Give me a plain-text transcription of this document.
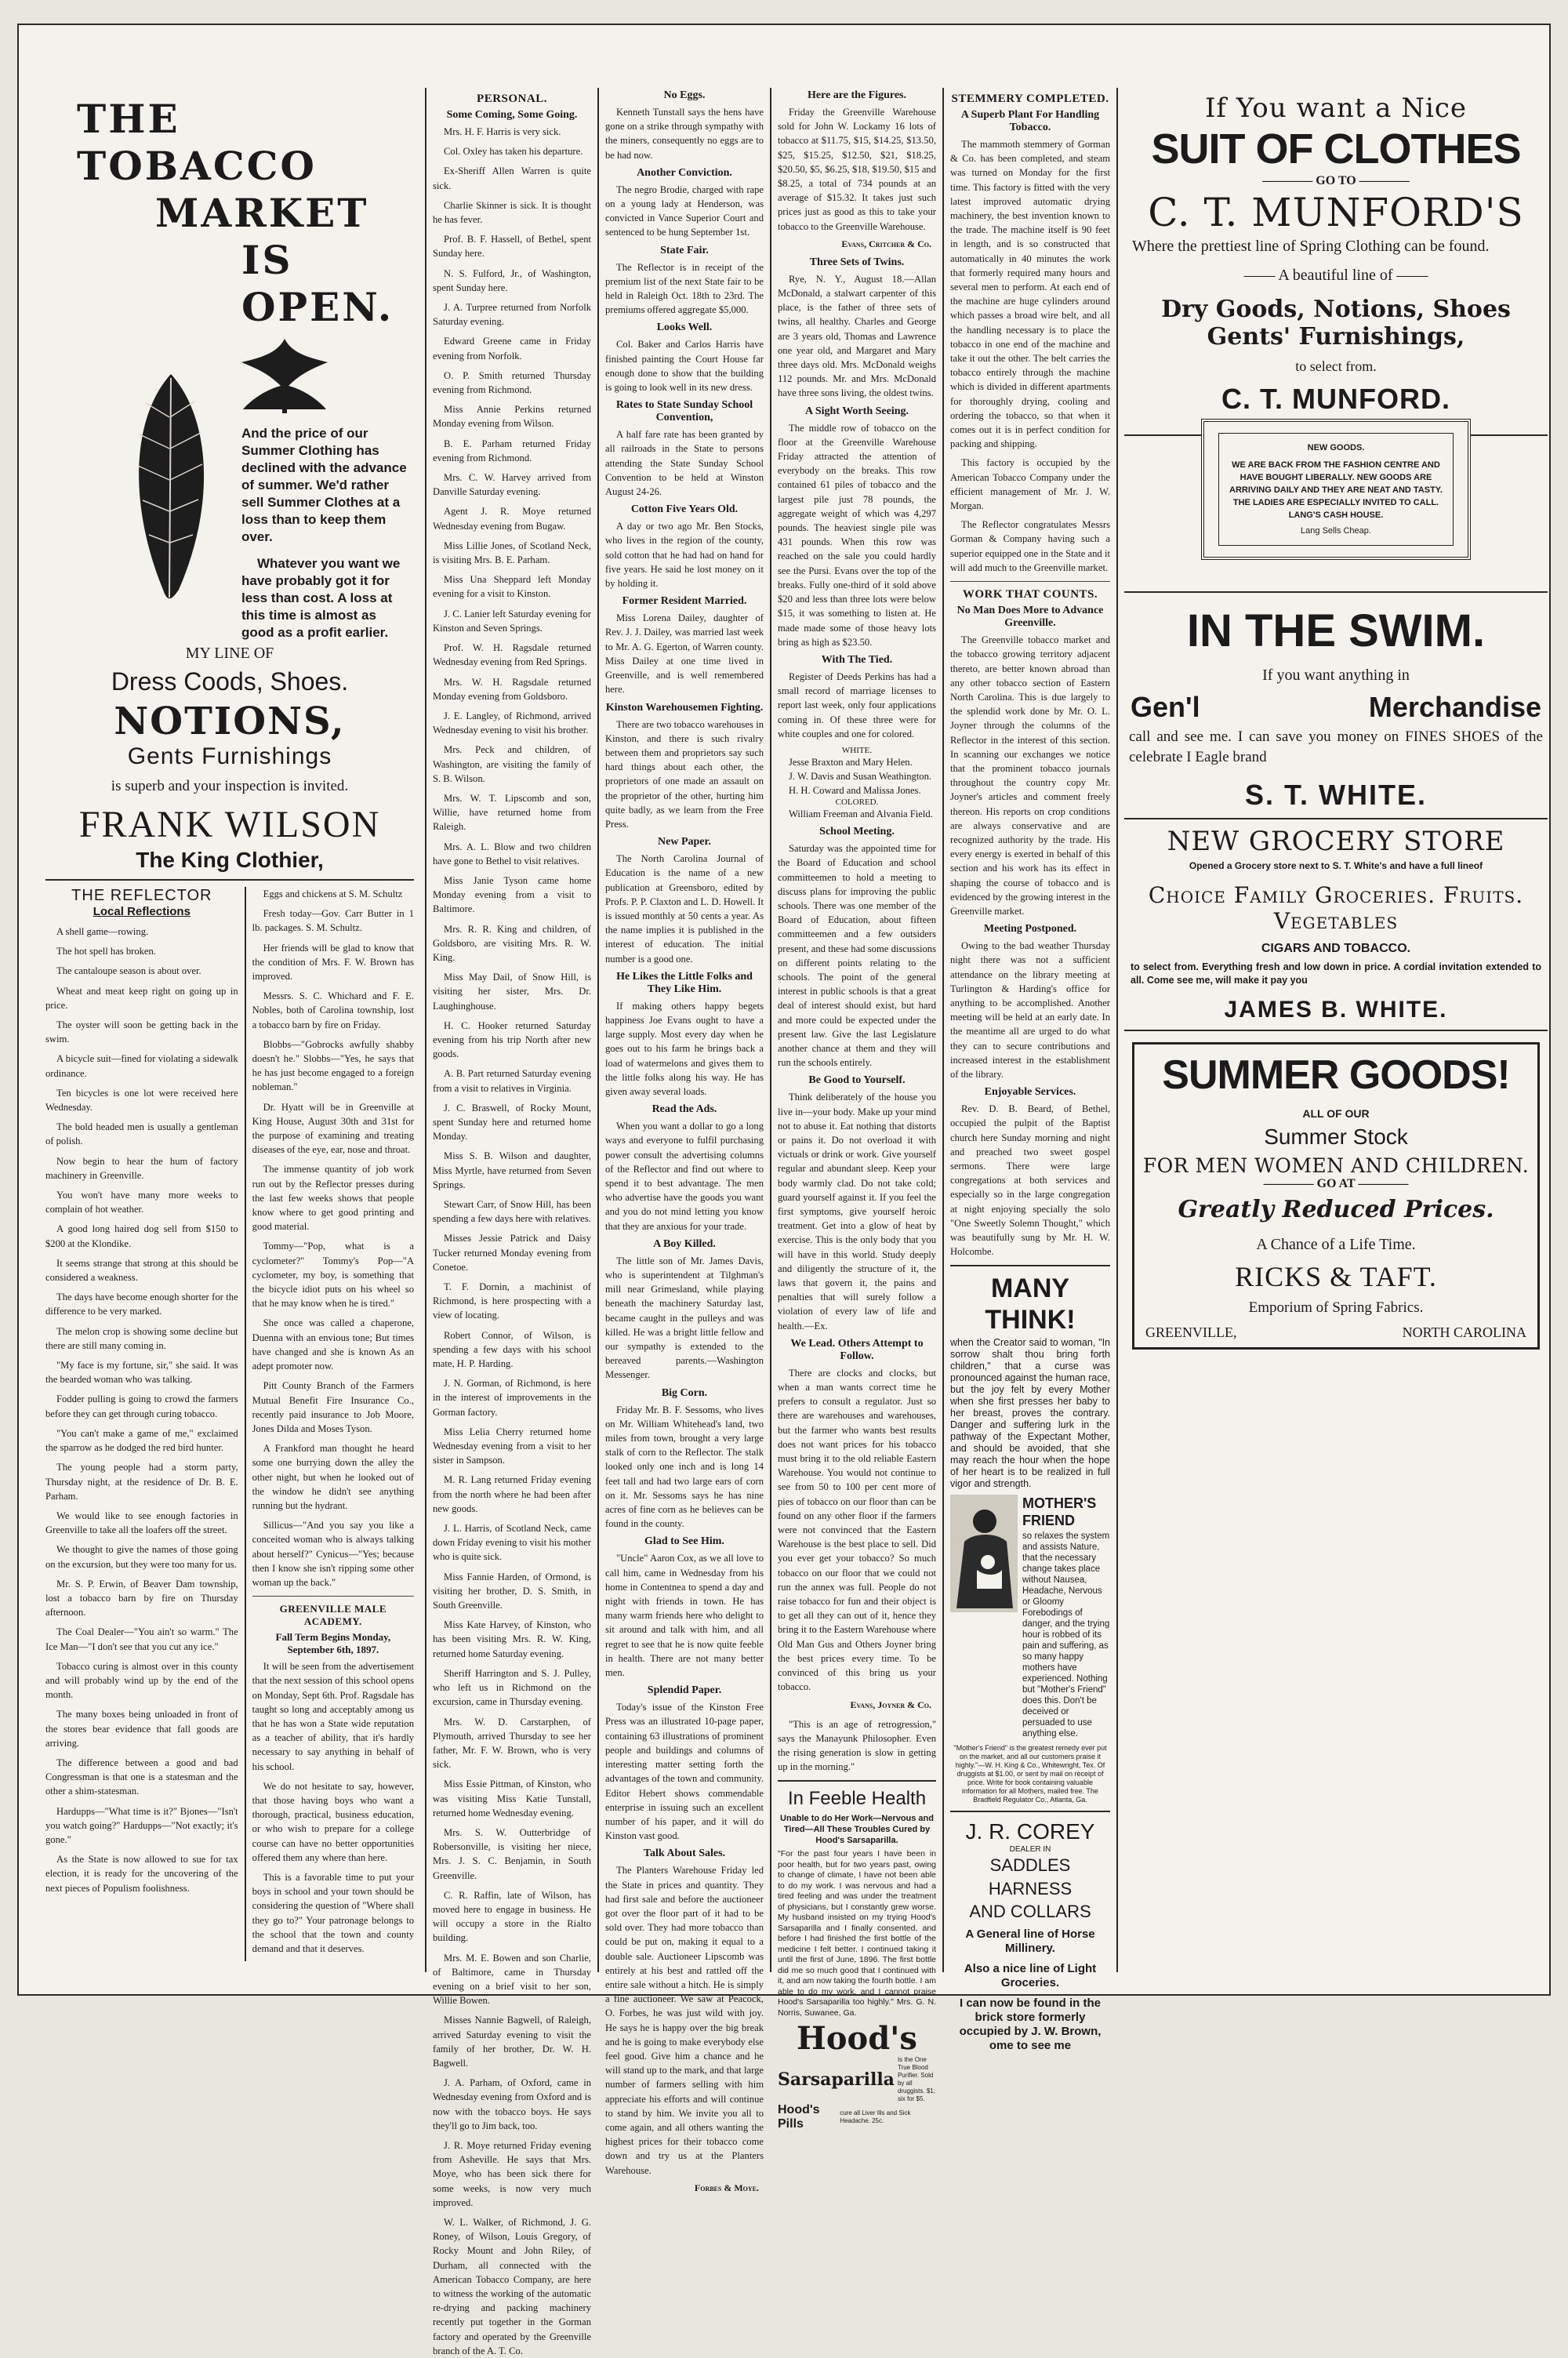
THE TOBACCO
MARKET
IS OPEN.
And the price of our Summer Clothing has declined with the advance of summer. We'd rather sell Summer Clothes at a loss than to keep them over.
Whatever you want we have probably got it for less than cost. A loss at this time is almost as good as a profit earlier.
MY LINE OF
Dress Coods, Shoes.
NOTIONS,
Gents Furnishings
is superb and your inspection is invited.
FRANK WILSON
The King Clothier,
THE REFLECTOR
Local Reflections

A shell game—rowing.

The hot spell has broken.

The cantaloupe season is about over.

Wheat and meat keep right on going up in price.

The oyster will soon be getting back in the swim.

A bicycle suit—fined for violating a sidewalk ordinance.

Ten bicycles is one lot were received here Wednesday.

The bold headed men is usually a gentleman of polish.

Now begin to hear the hum of factory machinery in Greenville.

You won't have many more weeks to complain of hot weather.

A good long haired dog sell from $150 to $200 at the Klondike.

It seems strange that strong at this should be considered a weakness.

The days have become enough shorter for the difference to be very marked.

The melon crop is showing some decline but there are still many coming in.

"My face is my fortune, sir," she said. It was the bearded woman who was talking.

Fodder pulling is going to crowd the farmers before they can get through curing tobacco.

"You can't make a game of me," exclaimed the sparrow as he dodged the red bird hunter.

The young people had a storm party, Thursday night, at the residence of Dr. B. E. Parham.

We would like to see enough factories in Greenville to take all the loafers off the street.

We thought to give the names of those going on the excursion, but they were too many for us.

Mr. S. P. Erwin, of Beaver Dam township, lost a tobacco barn by fire on Thursday afternoon.

The Coal Dealer—"You ain't so warm." The Ice Man—"I don't see that you cut any ice."

Tobacco curing is almost over in this county and will probably wind up by the end of the month.

The many boxes being unloaded in front of the stores bear evidence that fall goods are arriving.

The difference between a good and bad Congressman is that one is a statesman and the other a shim-statesman.

Hardupps—"What time is it?" Bjones—"Isn't you watch going?" Hardupps—"Not exactly; it's gone."

As the State is now allowed to sue for tax election, it is ready for the uncovering of the next pieces of Populism foolishness.

Eggs and chickens at S. M. Schultz

Fresh today—Gov. Carr Butter in 1 lb. packages. S. M. Schultz.

Her friends will be glad to know that the condition of Mrs. F. W. Brown has improved.

Messrs. S. C. Whichard and F. E. Nobles, both of Carolina township, lost a tobacco barn by fire on Friday.

Blobbs—"Gobrocks awfully shabby doesn't he." Slobbs—"Yes, he says that he has just become engaged to a foreign nobleman."

Dr. Hyatt will be in Greenville at King House, August 30th and 31st for the purpose of examining and treating diseases of the eye, ear, nose and throat.

The immense quantity of job work run out by the Reflector presses during the last few weeks shows that people know where to get good printing and good material.

Tommy—"Pop, what is a cyclometer?" Tommy's Pop—"A cyclometer, my boy, is something that the bicycle idiot puts on his wheel so that he may know when he is tired."

She once was called a chaperone, Duenna with an envious tone; But times have changed and she is known As an adept promoter now.

Pitt County Branch of the Farmers Mutual Benefit Fire Insurance Co., recently paid insurance to Job Moore, Jones Dilda and Moses Tyson.

A Frankford man thought he heard some one burrying down the alley the other night, but when he looked out of the window he didn't see anything running but the hydrant.

Sillicus—"And you say you like a conceited woman who is always talking about herself?" Cynicus—"Yes; because then I know she isn't ripping some other woman up the back."

GREENVILLE MALE ACADEMY.
Fall Term Begins Monday, September 6th, 1897.

It will be seen from the advertisement that the next session of this school opens on Monday, Sept 6th. Prof. Ragsdale has taught so long and acceptably among us that he has won a State wide reputation as a teacher of ability, that it's hardly necessary to say anything in behalf of his school.

We do not hesitate to say, however, that those having boys who want a thorough, practical, business education, or who wish to prepare for a college course can have no better opportunities offered them any where than here.

This is a favorable time to put your boys in school and your town should be considering the question of "Where shall they go to?" Your patronage belongs to the school that the town and county demand and that it deserves.

PERSONAL.
Some Coming, Some Going.

Mrs. H. F. Harris is very sick.

Col. Oxley has taken his departure.

Ex-Sheriff Allen Warren is quite sick.

Charlie Skinner is sick. It is thought he has fever.

Prof. B. F. Hassell, of Bethel, spent Sunday here.

N. S. Fulford, Jr., of Washington, spent Sunday here.

J. A. Turpree returned from Norfolk Saturday evening.

Edward Greene came in Friday evening from Norfolk.

O. P. Smith returned Thursday evening from Richmond.

Miss Annie Perkins returned Monday evening from Wilson.

B. E. Parham returned Friday evening from Richmond.

Mrs. C. W. Harvey arrived from Danville Saturday evening.

Agent J. R. Moye returned Wednesday evening from Bugaw.

Miss Lillie Jones, of Scotland Neck, is visiting Mrs. B. E. Parham.

Miss Una Sheppard left Monday evening for a visit to Kinston.

J. C. Lanier left Saturday evening for Kinston and Seven Springs.

Prof. W. H. Ragsdale returned Wednesday evening from Red Springs.

Mrs. W. H. Ragsdale returned Monday evening from Goldsboro.

J. E. Langley, of Richmond, arrived Wednesday evening to visit his brother.

Mrs. Peck and children, of Washington, are visiting the family of S. B. Wilson.

Mrs. W. T. Lipscomb and son, Willie, have returned home from Raleigh.

Mrs. A. L. Blow and two children have gone to Bethel to visit relatives.

Miss Janie Tyson came home Monday evening from a visit to Baltimore.

Mrs. R. R. King and children, of Goldsboro, are visiting Mrs. R. W. King.

Miss May Dail, of Snow Hill, is visiting her sister, Mrs. Dr. Laughinghouse.

H. C. Hooker returned Saturday evening from his trip North after new goods.

A. B. Part returned Saturday evening from a visit to relatives in Virginia.

J. C. Braswell, of Rocky Mount, spent Sunday here and returned home Monday.

Miss S. B. Wilson and daughter, Miss Myrtle, have returned from Seven Springs.

Stewart Carr, of Snow Hill, has been spending a few days here with relatives.

Misses Jessie Patrick and Daisy Tucker returned Monday evening from Conetoe.

T. F. Dornin, a machinist of Richmond, is here prospecting with a view of locating.

Robert Connor, of Wilson, is spending a few days with his school mate, H. P. Harding.

J. N. Gorman, of Richmond, is here in the interest of improvements in the Gorman factory.

Miss Lelia Cherry returned home Wednesday evening from a visit to her sister in Sampson.

M. R. Lang returned Friday evening from the north where he had been after new goods.

J. L. Harris, of Scotland Neck, came down Friday evening to visit his mother who is quite sick.

Miss Fannie Harden, of Ormond, is visiting her brother, D. S. Smith, in South Greenville.

Miss Kate Harvey, of Kinston, who has been visiting Mrs. R. W. King, returned home Saturday evening.

Sheriff Harrington and S. J. Pulley, who left us in Richmond on the excursion, came in Thursday evening.

Mrs. W. D. Carstarphen, of Plymouth, arrived Thursday to see her father, Mr. F. W. Brown, who is very sick.

Miss Essie Pittman, of Kinston, who was visiting Miss Katie Tunstall, returned home Wednesday evening.

Mrs. S. W. Outterbridge of Robersonville, is visiting her niece, Mrs. J. S. C. Benjamin, in South Greenville.

C. R. Raffin, late of Wilson, has moved here to engage in business. He will occupy a store in the Rialto building.

Mrs. M. E. Bowen and son Charlie, of Baltimore, came in Thursday evening on a brief visit to her son, Willie Bowen.

Misses Nannie Bagwell, of Raleigh, arrived Saturday evening to visit the family of her brother, Dr. W. H. Bagwell.

J. A. Parham, of Oxford, came in Wednesday evening from Oxford and is now with the tobacco boys. He says they'll go to Jim back, too.

J. R. Moye returned Friday evening from Asheville. He says that Mrs. Moye, who has been sick there for some weeks, is now very much improved.

W. L. Walker, of Richmond, J. G. Roney, of Wilson, Louis Gregory, of Rocky Mount and John Riley, of Durham, all connected with the American Tobacco Company, are here to witness the working of the automatic re-drying and packing machinery recently put together in the Gorman factory and operated by the Greenville branch of the A. T. Co.

No Eggs.

Kenneth Tunstall says the hens have gone on a strike through sympathy with the miners, consequently no eggs are to be had now.

Another Conviction.

The negro Brodie, charged with rape on a young lady at Henderson, was convicted in Vance Superior Court and sentenced to be hung September 1st.

State Fair.

The Reflector is in receipt of the premium list of the next State fair to be held in Raleigh Oct. 18th to 23rd. The premiums offered aggregate $5,000.

Looks Well.

Col. Baker and Carlos Harris have finished painting the Court House far enough done to show that the building is going to look well in its new dress.

Rates to State Sunday School Convention,

A half fare rate has been granted by all railroads in the State to persons attending the State Sunday School Convention to be held at Winston August 24-26.

Cotton Five Years Old.

A day or two ago Mr. Ben Stocks, who lives in the region of the county, sold cotton that he had had on hand for five years. He said he lost money on it by holding it.

Former Resident Married.

Miss Lorena Dailey, daughter of Rev. J. J. Dailey, was married last week to Mr. A. G. Egerton, of Warren county. Miss Dailey at one time lived in Greenville, and is well remembered here.

Kinston Warehousemen Fighting.

There are two tobacco warehouses in Kinston, and there is such rivalry between them and proprietors say such hard things about each other, the proprietors of one made an assault on the proprietor of the other, hurting him quite badly, as we learn from the Free Press.

New Paper.

The North Carolina Journal of Education is the name of a new publication at Greensboro, edited by Profs. P. P. Claxton and L. D. Howell. It is issued monthly at 50 cents a year. As the name implies it is published in the interest of education. The initial number is a good one.

He Likes the Little Folks and They Like Him.

If making others happy begets happiness Joe Evans ought to have a large supply. Most every day when he goes out to his farm he brings back a load of watermelons and gives them to the little folks along his way. He has given away several loads.

Read the Ads.

When you want a dollar to go a long ways and everyone to fulfil purchasing power consult the advertising columns of the Reflector and find out where to spend it to best advantage. The men who advertise have the goods you want and you do not mind letting you know that they are anxious for your trade.

A Boy Killed.

The little son of Mr. James Davis, who is superintendent at Tilghman's mill near Grimesland, while playing beneath the machinery Saturday last, became caught in the pulleys and was killed. He was a bright little fellow and our sympathy is extended to the bereaved parents.—Washington Messenger.

Big Corn.

Friday Mr. B. F. Sessoms, who lives on Mr. William Whitehead's land, two miles from town, brought a very large stalk of corn to the Reflector. The stalk looked only one inch and is long 14 feet tall and had two large ears of corn on it. Mr. Sessoms says he has nine acres of fine corn as he believes can be found in the county.

Glad to See Him.

"Uncle" Aaron Cox, as we all love to call him, came in Wednesday from his home in Contentnea to spend a day and night with friends in town. He has many warm friends here who delight to sit around and talk with him, and all regret to see that he is now quite feeble in health. There are not many better men.

Splendid Paper.

Today's issue of the Kinston Free Press was an illustrated 10-page paper, containing 63 illustrations of prominent people and buildings and columns of interesting matter setting forth the advantages of the town and community. Editor Hebert shows commendable enterprise in issuing such an excellent number of his paper, and it will do Kinston vast good.

Talk About Sales.

The Planters Warehouse Friday led the State in prices and quantity. They had first sale and before the auctioneer got over the floor part of it had to be sold over. They had more tobacco than could be put on, making it equal to a double sale. Auctioneer Lipscomb was entirely at his best and rattled off the entire sale without a hitch. He is simply a fine auctioneer. We saw at Peacock, O. Forbes, he was just wild with joy. He says he is happy over the big break and he is going to make everybody else feel good. Give him a chance and he will stand up to the mark, and that large number of farmers selling with him appreciate his efforts and will continue to stand by him. We invite you all to come again, and all others wanting the highest prices for their tobacco come down and try us at the Planters Warehouse.

Forbes & Moye.
Here are the Figures.

Friday the Greenville Warehouse sold for John W. Lockamy 16 lots of tobacco at $11.75, $15, $14.25, $13.50, $25, $15.25, $12.50, $21, $18.25, $20.50, $5, $6.25, $18, $19.50, $15 and $8.25, a total of 734 pounds at an average of $15.32. It takes just such prices just as good as this to take your tobacco to the Greenville Warehouse.

Evans, Critcher & Co.
Three Sets of Twins.

Rye, N. Y., August 18.—Allan McDonald, a stalwart carpenter of this place, is the father of three sets of twins, all healthy. Charles and George are 3 years old, Thomas and Lawrence one year old, and Margaret and Mary three days old. Mrs. McDonald weighs 112 pounds. Mr. and Mrs. McDonald have three sons living, the oldest twins.

A Sight Worth Seeing.

The middle row of tobacco on the floor at the Greenville Warehouse Friday attracted the attention of everybody on the breaks. This row contained 61 piles of tobacco and the largest pile just 78 pounds, the aggregate weight of which was 4,297 pounds. The heaviest single pile was 431 pounds. When this row was reached on the sale you could hardly see the Pursi. Evans over the top of the breaks. Fully one-third of it sold above $20 and less than three lots were below $15, it was something to listen at. He made made some of those heavy lots bring as high as $23.50.

With The Tied.

Register of Deeds Perkins has had a small record of marriage licenses to report last week, only four applications coming in. Of these three were for white couples and one for colored.

WHITE.
Jesse Braxton and Mary Helen.
J. W. Davis and Susan Weathington.
H. H. Coward and Malissa Jones.
COLORED.

William Freeman and Alvania Field.

School Meeting.

Saturday was the appointed time for the Board of Education and school committeemen to hold a meeting to discuss plans for improving the public schools. There was one member of the Board of Education, about fifteen committeemen and a few outsiders present, and these had some discussions on different points relating to the schools. The point of the general interest in public schools is that a great deal of interest should exist, but hard and more could be expected under the present law. Give the last Legislature another chance at them and they will run the schools entirely.

Be Good to Yourself.

Think deliberately of the house you live in—your body. Make up your mind not to abuse it. Eat nothing that distorts or pains it. Do not overload it with victuals or drink or work. Give yourself regular and abundant sleep. Keep your body warmly clad. Do not take cold; guard yourself against it. If you feel the first symptoms, give yourself heroic treatment. Get into a glow of heat by exercise. This is the only body that you will have in this world. Study deeply and diligently the structure of it, the laws that govern it, the pains and penalties that will surely follow a violation of every law of life and health.—Ex.

We Lead. Others Attempt to Follow.

There are clocks and clocks, but when a man wants correct time he prefers to consult a regulator. Just so there are warehouses and warehouses, but the farmer who wants best results does not want prices for his tobacco must bring it to the old reliable Eastern Warehouse. You would not continue to see from 50 to 100 per cent more of pies of tobacco on our floor than can be found on any other floor if the farmers were not convinced that the Eastern Warehouse is the best place to sell. Did you ever get your tobacco? So much tobacco on our floor that we could not run the annex was full. People do not raise tobacco for fun and their object is to get all they can out of it, hence they bring it to the Eastern Warehouse where Old Man Gus and Others Joyner bring the best prices every time. To be convinced of this bring us your tobacco.

Evans, Joyner & Co.

"This is an age of retrogression," says the Manayunk Philosopher. Even the rising generation is slow in getting up in the morning."

In Feeble Health
Unable to do Her Work—Nervous and Tired—All These Troubles Cured by Hood's Sarsaparilla.

"For the past four years I have been in poor health, but for two years past, owing to change of climate, I have not been able to do my work. I was nervous and had a tired feeling and was under the treatment of physicians, but I constantly grew worse. My husband insisted on my trying Hood's Sarsaparilla and I finally consented, and before I had finished the first bottle of the medicine I felt better. I continued taking it until the first of June, 1896. The first bottle did me so much good that I continued with it, and am now taking the fourth bottle. I am able to do my work, and I cannot praise Hood's Sarsaparilla too highly." Mrs. G. N. Norris, Suwanee, Ga.

Hood's
Sarsaparilla
Is the One True Blood Purifier. Sold by all druggists. $1; six for $5.
Hood's Pills
cure all Liver Ills and Sick Headache. 25c.
STEMMERY COMPLETED.
A Superb Plant For Handling Tobacco.

The mammoth stemmery of Gorman & Co. has been completed, and steam was turned on Monday for the first time. This factory is fitted with the very latest improved automatic drying machinery, the best invention known to the trade. The machine itself is 90 feet in length, and is so constructed that automatically in 40 minutes the work that formerly required many hours and several men to perform. At each end of the machine are huge cylinders around which passes a broad wire belt, and all the handling necessary is to place the tobacco in one end of the machine and take it out the other. The belt carries the tobacco entirely through the machine which is divided in different apartments for thoroughly drying, cooling and ordering the tobacco, so that when it comes out it is in perfect condition for packing and shipping.

This factory is occupied by the American Tobacco Company under the efficient management of Mr. J. W. Morgan.

The Reflector congratulates Messrs Gorman & Company having such a superior equipped one in the State and it will add much to the Greenville market.

WORK THAT COUNTS.
No Man Does More to Advance Greenville.

The Greenville tobacco market and the tobacco growing territory adjacent thereto, are better known abroad than any other tobacco section of Eastern North Carolina. This is due largely to the splendid work done by Mr. O. L. Joyner through the columns of the Reflector in the interest of this section. In scanning our exchanges we notice that the prominent tobacco journals throughout the country copy Mr. Joyner's articles and comment freely thereon. His reports on crop conditions are always conservative and are recognized authority by the trade. His every energy is exerted in behalf of this section and his work has its effect in shaping the course of tobacco and is evidenced by the growing interest in the Greenville market.

Meeting Postponed.

Owing to the bad weather Thursday night there was not a sufficient attendance on the library meeting at Turlington & Harding's office for anything to be accomplished. Another meeting will be held at an early date. In the meantime all are urged to do what they can to secure contributions and increased interest in the establishment of the library.

Enjoyable Services.

Rev. D. B. Beard, of Bethel, occupied the pulpit of the Baptist church here Sunday morning and night and preached two sweet gospel sermons. There were large congregations at both services and especially so in the large congregation at night enjoying specially the solo "One Sweetly Solemn Thought," which was beautifully sung by Mr. H. W. Holcombe.

MANY THINK!

when the Creator said to woman, "In sorrow shalt thou bring forth children," that a curse was pronounced against the human race, but the joy felt by every Mother when she first presses her baby to her breast, proves the contrary. Danger and suffering lurk in the pathway of the Expectant Mother, and should be avoided, that she may reach the hour when the hope of her heart is to be realized in full vigor and strength.

MOTHER'S FRIEND

so relaxes the system and assists Nature, that the necessary change takes place without Nausea, Headache, Nervous or Gloomy Forebodings of danger, and the trying hour is robbed of its pain and suffering, as so many happy mothers have experienced. Nothing but "Mother's Friend" does this. Don't be deceived or persuaded to use anything else.

"Mother's Friend" is the greatest remedy ever put on the market, and all our customers praise it highly."—W. H. King & Co., Whitewright, Tex. Of druggists at $1.00, or sent by mail on receipt of price. Write for book containing valuable information for all Mothers, mailed free. The Bradfield Regulator Co., Atlanta, Ga.

J. R. COREY
DEALER IN
SADDLES HARNESS
AND COLLARS
A General line of Horse Millinery.
Also a nice line of Light Groceries.
I can now be found in the brick store formerly occupied by J. W. Brown, ome to see me
If You want a Nice
SUIT OF CLOTHES
———— GO TO ————
C. T. MUNFORD'S
Where the prettiest line of Spring Clothing can be found.
—— A beautiful line of ——
Dry Goods, Notions, Shoes
Gents' Furnishings,
to select from.
C. T. MUNFORD.
NEW GOODS.
WE ARE BACK FROM THE FASHION CENTRE AND HAVE BOUGHT LIBERALLY. NEW GOODS ARE ARRIVING DAILY AND THEY ARE NEAT AND TASTY. THE LADIES ARE ESPECIALLY INVITED TO CALL. LANG'S CASH HOUSE.
Lang Sells Cheap.
IN THE SWIM.
If you want anything in
Gen'l	Merchandise
call and see me. I can save you money on FINES SHOES of the celebrate I Eagle brand
S. T. WHITE.
NEW GROCERY STORE
Opened a Grocery store next to S. T. White's and have a full lineof
Choice Family Groceries. Fruits. Vegetables
CIGARS AND TOBACCO.
to select from. Everything fresh and low down in price. A cordial invitation extended to all. Come see me, will make it pay you
JAMES B. WHITE.
SUMMER GOODS!
ALL OF OUR
Summer Stock
FOR MEN WOMEN AND CHILDREN.
———— GO AT ————
Greatly Reduced Prices.
A Chance of a Life Time.
RICKS & TAFT.
Emporium of Spring Fabrics.
GREENVILLE,	NORTH CAROLINA
